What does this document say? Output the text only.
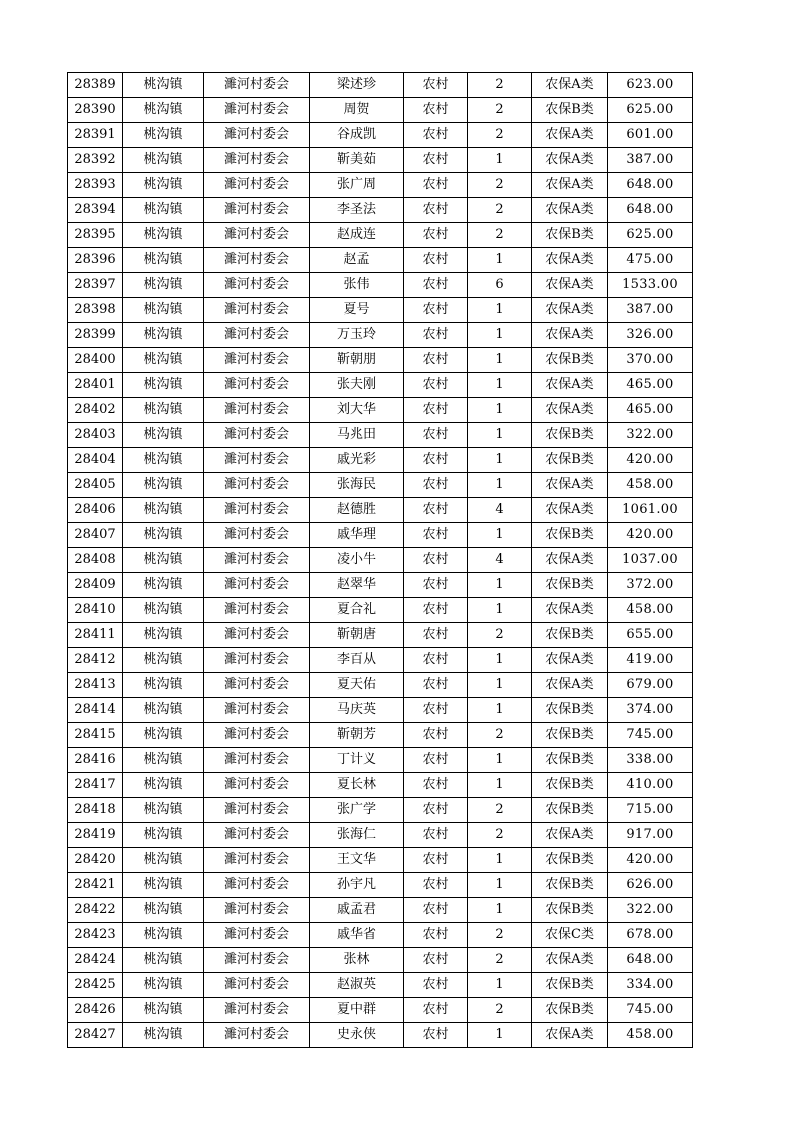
28389	桃沟镇	濉河村委会	梁述珍	农村	2	农保A类	623.00
28390	桃沟镇	濉河村委会	周贺	农村	2	农保B类	625.00
28391	桃沟镇	濉河村委会	谷成凯	农村	2	农保A类	601.00
28392	桃沟镇	濉河村委会	靳美茹	农村	1	农保A类	387.00
28393	桃沟镇	濉河村委会	张广周	农村	2	农保A类	648.00
28394	桃沟镇	濉河村委会	李圣法	农村	2	农保A类	648.00
28395	桃沟镇	濉河村委会	赵成连	农村	2	农保B类	625.00
28396	桃沟镇	濉河村委会	赵孟	农村	1	农保A类	475.00
28397	桃沟镇	濉河村委会	张伟	农村	6	农保A类	1533.00
28398	桃沟镇	濉河村委会	夏号	农村	1	农保A类	387.00
28399	桃沟镇	濉河村委会	万玉玲	农村	1	农保A类	326.00
28400	桃沟镇	濉河村委会	靳朝朋	农村	1	农保B类	370.00
28401	桃沟镇	濉河村委会	张夫刚	农村	1	农保A类	465.00
28402	桃沟镇	濉河村委会	刘大华	农村	1	农保A类	465.00
28403	桃沟镇	濉河村委会	马兆田	农村	1	农保B类	322.00
28404	桃沟镇	濉河村委会	戚光彩	农村	1	农保B类	420.00
28405	桃沟镇	濉河村委会	张海民	农村	1	农保A类	458.00
28406	桃沟镇	濉河村委会	赵德胜	农村	4	农保A类	1061.00
28407	桃沟镇	濉河村委会	戚华理	农村	1	农保B类	420.00
28408	桃沟镇	濉河村委会	凌小牛	农村	4	农保A类	1037.00
28409	桃沟镇	濉河村委会	赵翠华	农村	1	农保B类	372.00
28410	桃沟镇	濉河村委会	夏合礼	农村	1	农保A类	458.00
28411	桃沟镇	濉河村委会	靳朝唐	农村	2	农保B类	655.00
28412	桃沟镇	濉河村委会	李百从	农村	1	农保A类	419.00
28413	桃沟镇	濉河村委会	夏天佑	农村	1	农保A类	679.00
28414	桃沟镇	濉河村委会	马庆英	农村	1	农保B类	374.00
28415	桃沟镇	濉河村委会	靳朝芳	农村	2	农保B类	745.00
28416	桃沟镇	濉河村委会	丁计义	农村	1	农保B类	338.00
28417	桃沟镇	濉河村委会	夏长林	农村	1	农保B类	410.00
28418	桃沟镇	濉河村委会	张广学	农村	2	农保B类	715.00
28419	桃沟镇	濉河村委会	张海仁	农村	2	农保A类	917.00
28420	桃沟镇	濉河村委会	王文华	农村	1	农保B类	420.00
28421	桃沟镇	濉河村委会	孙宇凡	农村	1	农保B类	626.00
28422	桃沟镇	濉河村委会	戚孟君	农村	1	农保B类	322.00
28423	桃沟镇	濉河村委会	戚华省	农村	2	农保C类	678.00
28424	桃沟镇	濉河村委会	张林	农村	2	农保A类	648.00
28425	桃沟镇	濉河村委会	赵淑英	农村	1	农保B类	334.00
28426	桃沟镇	濉河村委会	夏中群	农村	2	农保B类	745.00
28427	桃沟镇	濉河村委会	史永侠	农村	1	农保A类	458.00
